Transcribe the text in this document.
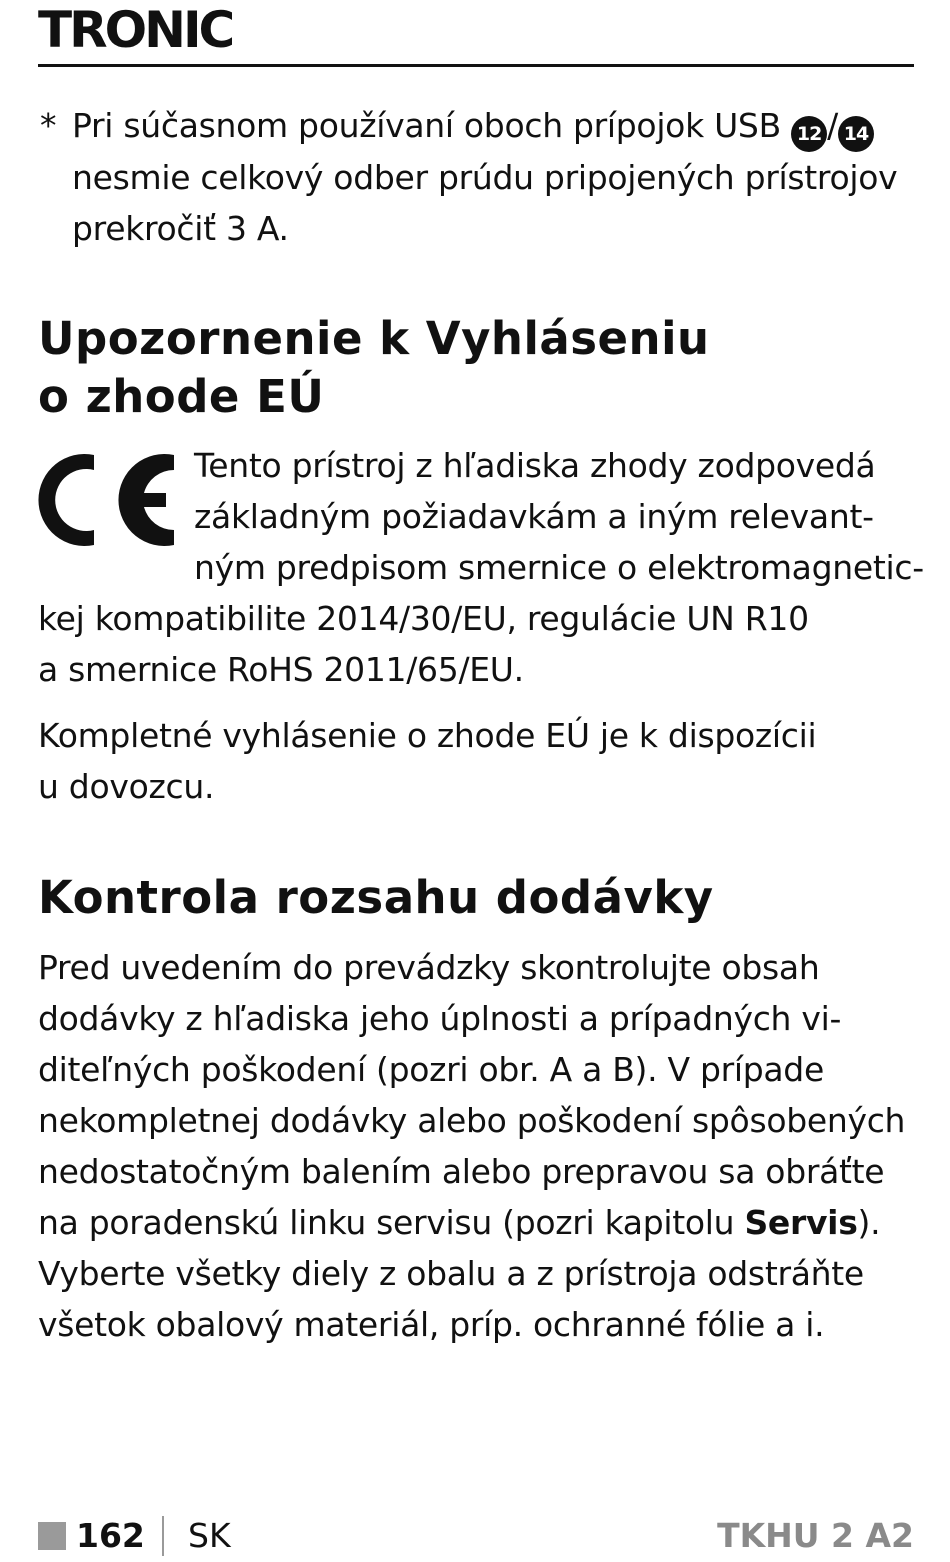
TRONIC
* Pri súčasnom používaní oboch prípojok USB 12 / 14
nesmie celkový odber prúdu pripojených prístrojov
prekročiť 3 A.
Upozornenie k Vyhláseniu
o zhode EÚ
Tento prístroj z hľadiska zhody zodpovedá
základným požiadavkám a iným relevant-
ným predpisom smernice o elektromagnetic-
kej kompatibilite 2014/30/EU, regulácie UN R10
a smernice RoHS 2011/65/EU.
Kompletné vyhlásenie o zhode EÚ je k dispozícii
u dovozcu.
Kontrola rozsahu dodávky
Pred uvedením do prevádzky skontrolujte obsah
dodávky z hľadiska jeho úplnosti a prípadných vi-
diteľných poškodení (pozri obr. A a B). V prípade
nekompletnej dodávky alebo poškodení spôsobených
nedostatočným balením alebo prepravou sa obráťte
na poradenskú linku servisu (pozri kapitolu Servis).
Vyberte všetky diely z obalu a z prístroja odstráňte
všetok obalový materiál, príp. ochranné fólie a i.
162 SK	TKHU 2 A2
